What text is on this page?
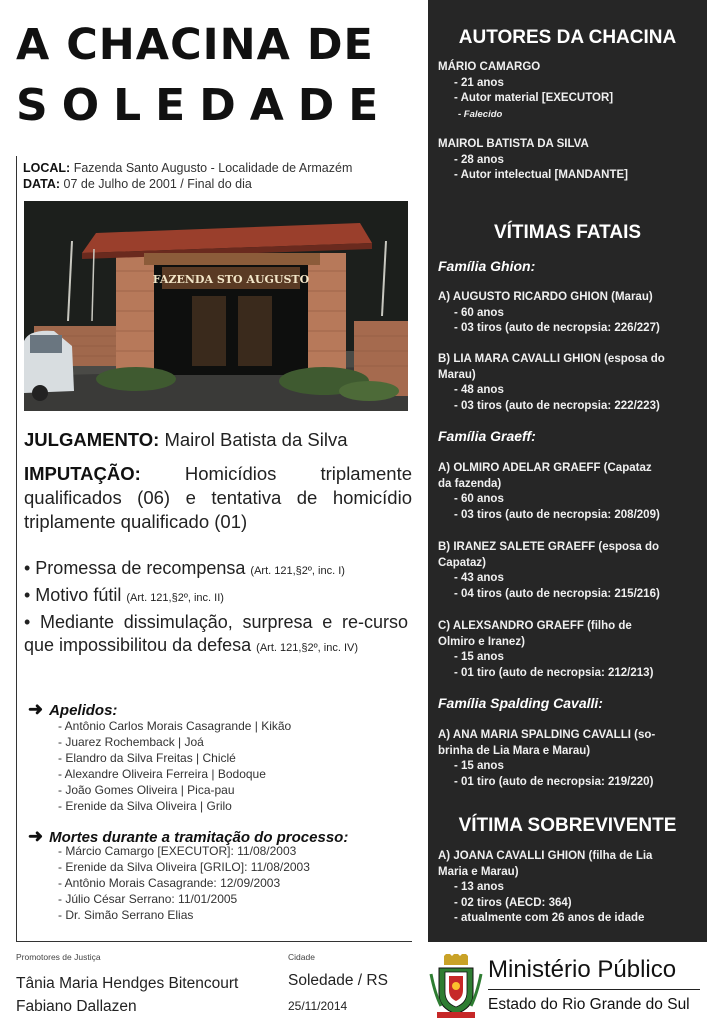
A CHACINA DE
SOLEDADE
LOCAL: Fazenda Santo Augusto - Localidade de Armazém
DATA: 07 de Julho de 2001 / Final do dia
FAZENDA STO AUGUSTO
JULGAMENTO: Mairol Batista da Silva
IMPUTAÇÃO: Homicídios triplamente qualificados (06) e tentativa de homicídio triplamente qualificado (01)
• Promessa de recompensa (Art. 121,§2º, inc. I)
• Motivo fútil (Art. 121,§2º, inc. II)
• Mediante dissimulação, surpresa e re-curso que impossibilitou da defesa (Art. 121,§2º, inc. IV)
➜ Apelidos:
- Antônio Carlos Morais Casagrande | Kikão
- Juarez Rochemback | Joá
- Elandro da Silva Freitas | Chiclé
- Alexandre Oliveira Ferreira | Bodoque
- João Gomes Oliveira | Pica-pau
- Erenide da Silva Oliveira | Grilo
➜ Mortes durante a tramitação do processo:
- Márcio Camargo [EXECUTOR]: 11/08/2003
- Erenide da Silva Oliveira [GRILO]: 11/08/2003
- Antônio Morais Casagrande: 12/09/2003
- Júlio César Serrano: 11/01/2005
- Dr. Simão Serrano Elias
Promotores de Justiça	Cidade
Tânia Maria Hendges Bitencourt
Fabiano Dallazen
Soledade / RS
25/11/2014
AUTORES DA CHACINA
MÁRIO CAMARGO
- 21 anos
- Autor material [EXECUTOR]
- Falecido
MAIROL BATISTA DA SILVA
- 28 anos
- Autor intelectual [MANDANTE]
VÍTIMAS FATAIS
Família Ghion:
A) AUGUSTO RICARDO GHION (Marau)
- 60 anos
- 03 tiros (auto de necropsia: 226/227)
B) LIA MARA CAVALLI GHION (esposa do
Marau)
- 48 anos
- 03 tiros (auto de necropsia: 222/223)
Família Graeff:
A) OLMIRO ADELAR GRAEFF (Capataz
da fazenda)
- 60 anos
- 03 tiros (auto de necropsia: 208/209)
B) IRANEZ SALETE GRAEFF (esposa do
Capataz)
- 43 anos
- 04 tiros (auto de necropsia: 215/216)
C) ALEXSANDRO GRAEFF (filho de
Olmiro e Iranez)
- 15 anos
- 01 tiro (auto de necropsia: 212/213)
Família Spalding Cavalli:
A) ANA MARIA SPALDING CAVALLI (so-
brinha de Lia Mara e Marau)
- 15 anos
- 01 tiro (auto de necropsia: 219/220)
VÍTIMA SOBREVIVENTE
A) JOANA CAVALLI GHION (filha de Lia
Maria e Marau)
- 13 anos
- 02 tiros (AECD: 364)
- atualmente com 26 anos de idade
Ministério Público
Estado do Rio Grande do Sul
